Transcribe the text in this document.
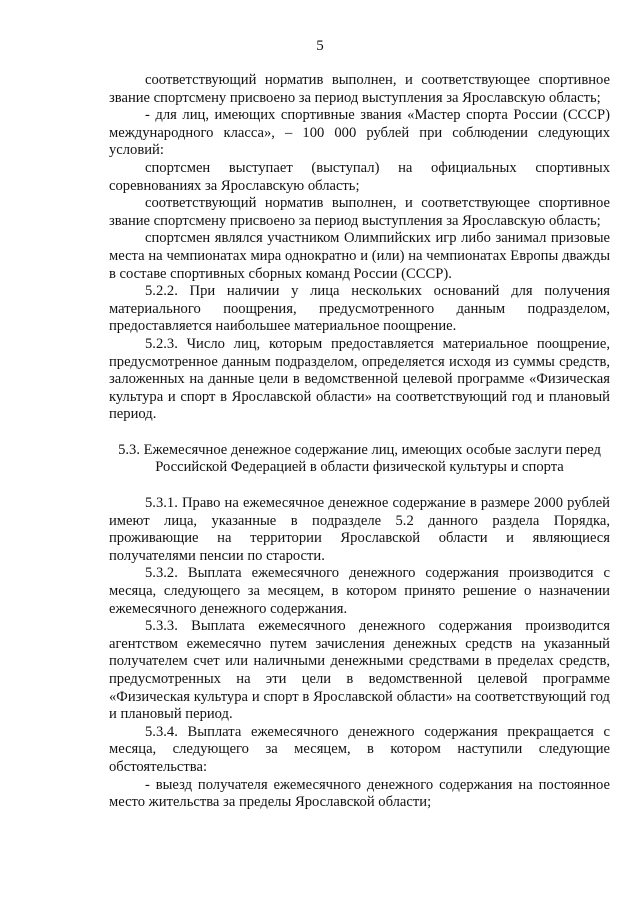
5

соответствующий норматив выполнен, и соответствующее спортивное звание спортсмену присвоено за период выступления за Ярославскую область;

- для лиц, имеющих спортивные звания «Мастер спорта России (СССР) международного класса», – 100 000 рублей при соблюдении следующих условий:

спортсмен выступает (выступал) на официальных спортивных соревнованиях за Ярославскую область;

соответствующий норматив выполнен, и соответствующее спортивное звание спортсмену присвоено за период выступления за Ярославскую область;

спортсмен являлся участником Олимпийских игр либо занимал призовые места на чемпионатах мира однократно и (или) на чемпионатах Европы дважды в составе спортивных сборных команд России (СССР).

5.2.2. При наличии у лица нескольких оснований для получения материального поощрения, предусмотренного данным подразделом, предоставляется наибольшее материальное поощрение.

5.2.3. Число лиц, которым предоставляется материальное поощрение, предусмотренное данным подразделом, определяется исходя из суммы средств, заложенных на данные цели в ведомственной целевой программе «Физическая культура и спорт в Ярославской области» на соответствующий год и плановый период.

5.3. Ежемесячное денежное содержание лиц, имеющих особые заслуги перед

Российской Федерацией в области физической культуры и спорта

5.3.1. Право на ежемесячное денежное содержание в размере 2000 рублей имеют лица, указанные в подразделе 5.2 данного раздела Порядка, проживающие на территории Ярославской области и являющиеся получателями пенсии по старости.

5.3.2. Выплата ежемесячного денежного содержания производится с месяца, следующего за месяцем, в котором принято решение о назначении ежемесячного денежного содержания.

5.3.3. Выплата ежемесячного денежного содержания производится агентством ежемесячно путем зачисления денежных средств на указанный получателем счет или наличными денежными средствами в пределах средств, предусмотренных на эти цели в ведомственной целевой программе «Физическая культура и спорт в Ярославской области» на соответствующий год и плановый период.

5.3.4. Выплата ежемесячного денежного содержания прекращается с месяца, следующего за месяцем, в котором наступили следующие обстоятельства:

- выезд получателя ежемесячного денежного содержания на постоянное место жительства за пределы Ярославской области;
